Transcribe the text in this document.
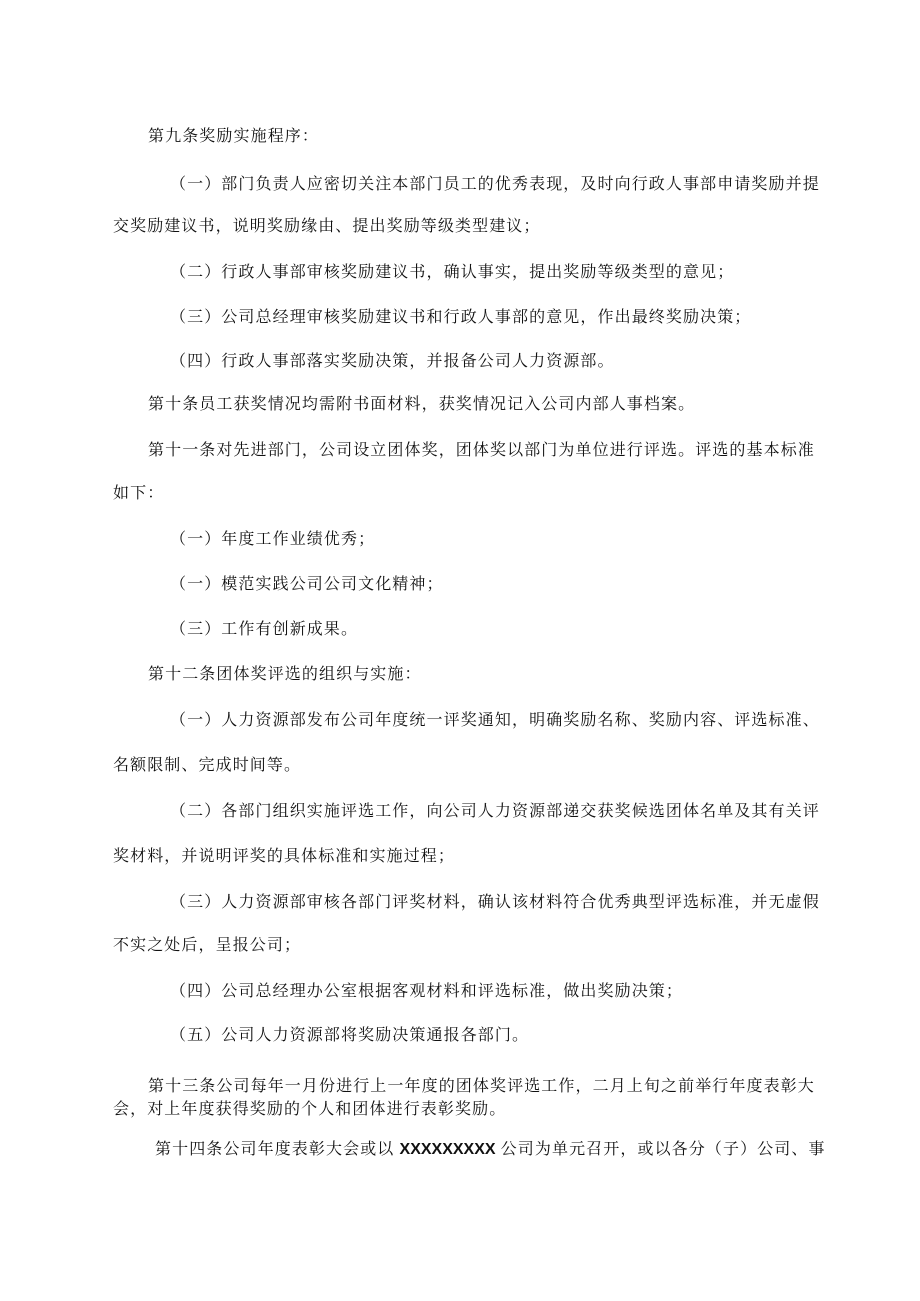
第九条奖励实施程序：
（一）部门负责人应密切关注本部门员工的优秀表现，及时向行政人事部申请奖励并提
交奖励建议书，说明奖励缘由、提出奖励等级类型建议；
（二）行政人事部审核奖励建议书，确认事实，提出奖励等级类型的意见；
（三）公司总经理审核奖励建议书和行政人事部的意见，作出最终奖励决策；
（四）行政人事部落实奖励决策，并报备公司人力资源部。
第十条员工获奖情况均需附书面材料，获奖情况记入公司内部人事档案。
第十一条对先进部门，公司设立团体奖，团体奖以部门为单位进行评选。评选的基本标准
如下：
（一）年度工作业绩优秀；
（一）模范实践公司公司文化精神；
（三）工作有创新成果。
第十二条团体奖评选的组织与实施：
（一）人力资源部发布公司年度统一评奖通知，明确奖励名称、奖励内容、评选标准、
名额限制、完成时间等。
（二）各部门组织实施评选工作，向公司人力资源部递交获奖候选团体名单及其有关评
奖材料，并说明评奖的具体标准和实施过程；
（三）人力资源部审核各部门评奖材料，确认该材料符合优秀典型评选标准，并无虚假
不实之处后，呈报公司；
（四）公司总经理办公室根据客观材料和评选标准，做出奖励决策；
（五）公司人力资源部将奖励决策通报各部门。
第十三条公司每年一月份进行上一年度的团体奖评选工作，二月上旬之前举行年度表彰大
会，对上年度获得奖励的个人和团体进行表彰奖励。
第十四条公司年度表彰大会或以 XXXXXXXXX 公司为单元召开，或以各分（子）公司、事
